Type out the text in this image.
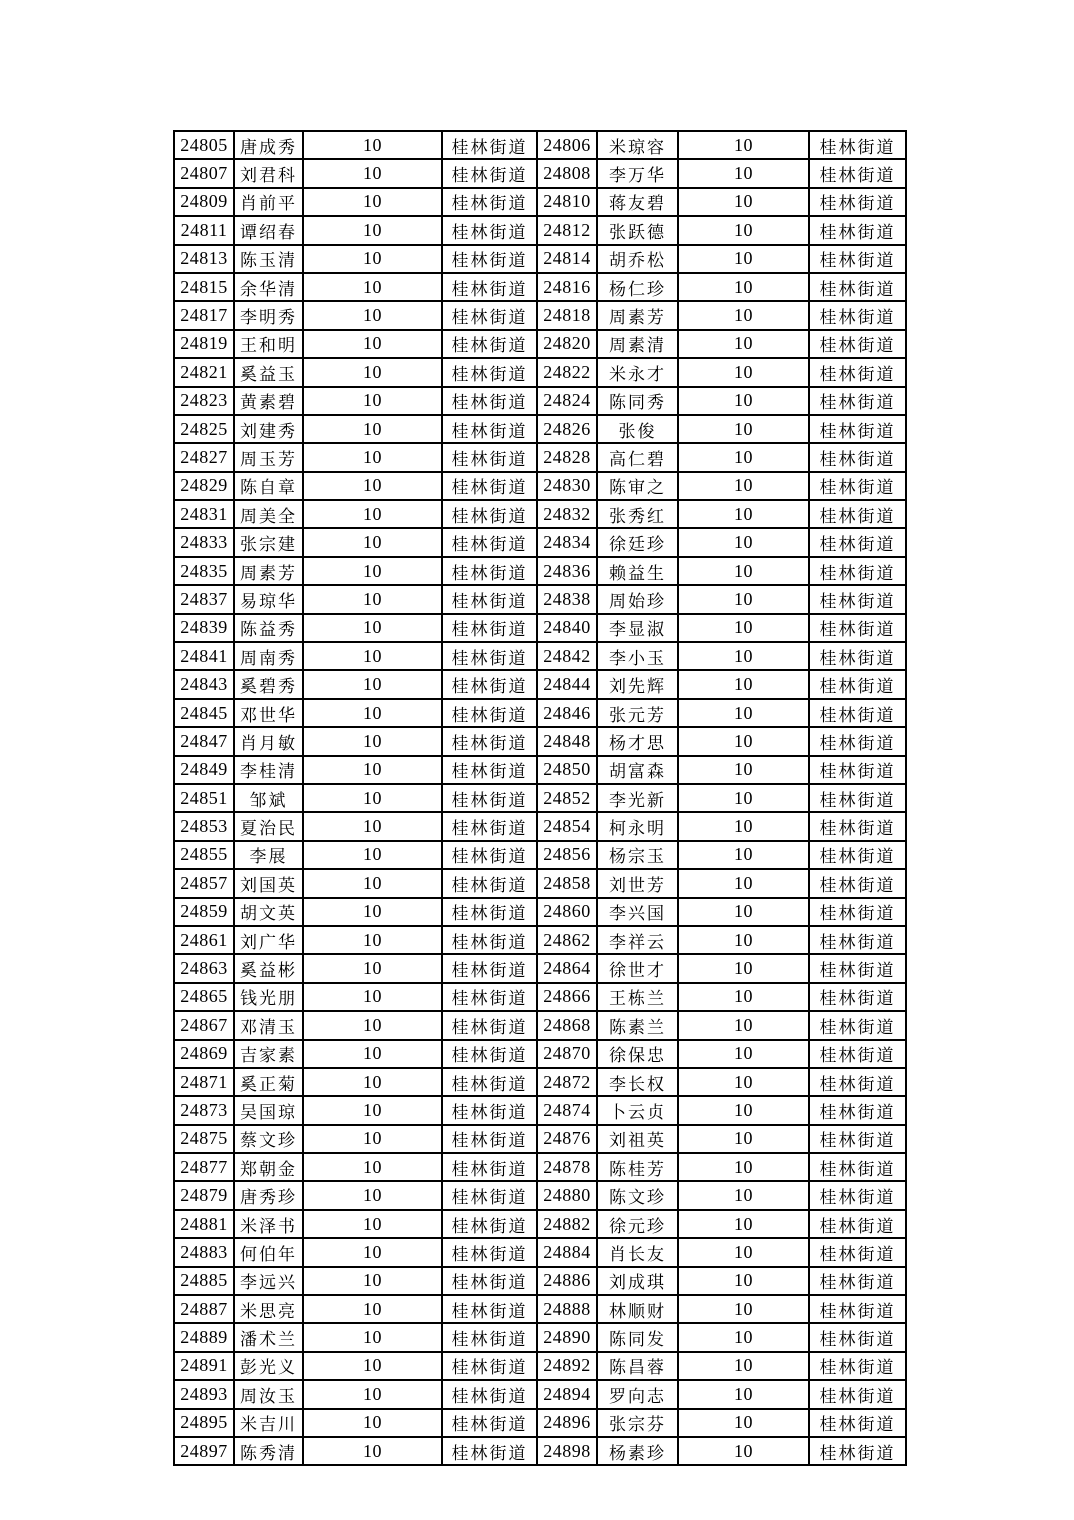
24805	唐成秀	10	桂林街道	24806	米琼容	10	桂林街道
24807	刘君科	10	桂林街道	24808	李万华	10	桂林街道
24809	肖前平	10	桂林街道	24810	蒋友碧	10	桂林街道
24811	谭绍春	10	桂林街道	24812	张跃德	10	桂林街道
24813	陈玉清	10	桂林街道	24814	胡乔松	10	桂林街道
24815	余华清	10	桂林街道	24816	杨仁珍	10	桂林街道
24817	李明秀	10	桂林街道	24818	周素芳	10	桂林街道
24819	王和明	10	桂林街道	24820	周素清	10	桂林街道
24821	奚益玉	10	桂林街道	24822	米永才	10	桂林街道
24823	黄素碧	10	桂林街道	24824	陈同秀	10	桂林街道
24825	刘建秀	10	桂林街道	24826	张俊	10	桂林街道
24827	周玉芳	10	桂林街道	24828	高仁碧	10	桂林街道
24829	陈自章	10	桂林街道	24830	陈审之	10	桂林街道
24831	周美全	10	桂林街道	24832	张秀红	10	桂林街道
24833	张宗建	10	桂林街道	24834	徐廷珍	10	桂林街道
24835	周素芳	10	桂林街道	24836	赖益生	10	桂林街道
24837	易琼华	10	桂林街道	24838	周始珍	10	桂林街道
24839	陈益秀	10	桂林街道	24840	李显淑	10	桂林街道
24841	周南秀	10	桂林街道	24842	李小玉	10	桂林街道
24843	奚碧秀	10	桂林街道	24844	刘先辉	10	桂林街道
24845	邓世华	10	桂林街道	24846	张元芳	10	桂林街道
24847	肖月敏	10	桂林街道	24848	杨才思	10	桂林街道
24849	李桂清	10	桂林街道	24850	胡富森	10	桂林街道
24851	邹斌	10	桂林街道	24852	李光新	10	桂林街道
24853	夏治民	10	桂林街道	24854	柯永明	10	桂林街道
24855	李展	10	桂林街道	24856	杨宗玉	10	桂林街道
24857	刘国英	10	桂林街道	24858	刘世芳	10	桂林街道
24859	胡文英	10	桂林街道	24860	李兴国	10	桂林街道
24861	刘广华	10	桂林街道	24862	李祥云	10	桂林街道
24863	奚益彬	10	桂林街道	24864	徐世才	10	桂林街道
24865	钱光朋	10	桂林街道	24866	王栋兰	10	桂林街道
24867	邓清玉	10	桂林街道	24868	陈素兰	10	桂林街道
24869	吉家素	10	桂林街道	24870	徐保忠	10	桂林街道
24871	奚正菊	10	桂林街道	24872	李长权	10	桂林街道
24873	吴国琼	10	桂林街道	24874	卜云贞	10	桂林街道
24875	蔡文珍	10	桂林街道	24876	刘祖英	10	桂林街道
24877	郑朝金	10	桂林街道	24878	陈桂芳	10	桂林街道
24879	唐秀珍	10	桂林街道	24880	陈文珍	10	桂林街道
24881	米泽书	10	桂林街道	24882	徐元珍	10	桂林街道
24883	何伯年	10	桂林街道	24884	肖长友	10	桂林街道
24885	李远兴	10	桂林街道	24886	刘成琪	10	桂林街道
24887	米思亮	10	桂林街道	24888	林顺财	10	桂林街道
24889	潘术兰	10	桂林街道	24890	陈同发	10	桂林街道
24891	彭光义	10	桂林街道	24892	陈昌蓉	10	桂林街道
24893	周汝玉	10	桂林街道	24894	罗向志	10	桂林街道
24895	米吉川	10	桂林街道	24896	张宗芬	10	桂林街道
24897	陈秀清	10	桂林街道	24898	杨素珍	10	桂林街道
